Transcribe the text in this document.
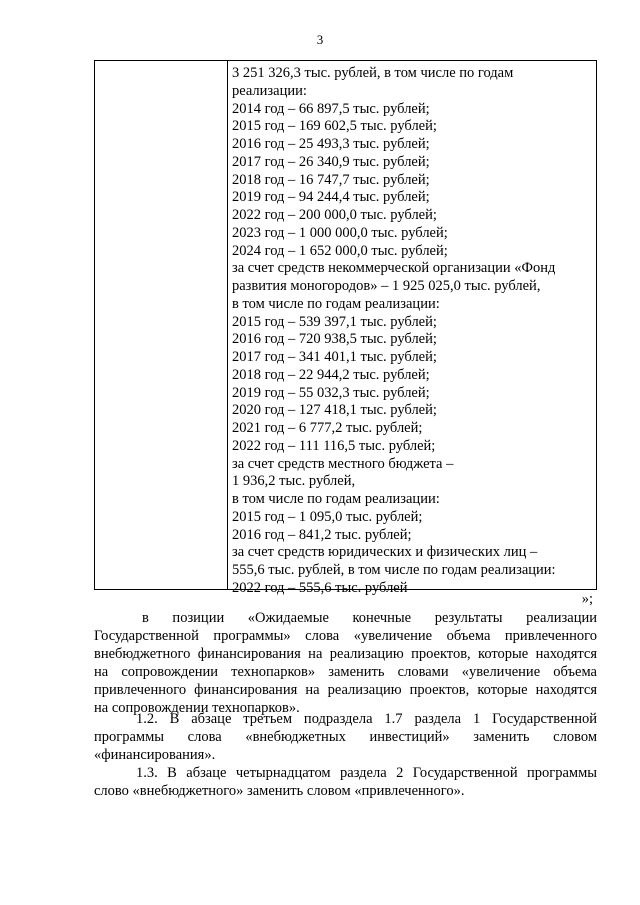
3
3 251 326,3 тыс. рублей, в том числе по годам
реализации:
2014 год – 66 897,5 тыс. рублей;
2015 год – 169 602,5 тыс. рублей;
2016 год – 25 493,3 тыс. рублей;
2017 год – 26 340,9 тыс. рублей;
2018 год – 16 747,7 тыс. рублей;
2019 год – 94 244,4 тыс. рублей;
2022 год – 200 000,0 тыс. рублей;
2023 год – 1 000 000,0 тыс. рублей;
2024 год – 1 652 000,0 тыс. рублей;
за счет средств некоммерческой организации «Фонд
развития моногородов» – 1 925 025,0 тыс. рублей,
в том числе по годам реализации:
2015 год – 539 397,1 тыс. рублей;
2016 год – 720 938,5 тыс. рублей;
2017 год – 341 401,1 тыс. рублей;
2018 год – 22 944,2 тыс. рублей;
2019 год – 55 032,3 тыс. рублей;
2020 год – 127 418,1 тыс. рублей;
2021 год – 6 777,2 тыс. рублей;
2022 год – 111 116,5 тыс. рублей;
за счет средств местного бюджета –
1 936,2 тыс. рублей,
в том числе по годам реализации:
2015 год – 1 095,0 тыс. рублей;
2016 год – 841,2 тыс. рублей;
за счет средств юридических и физических лиц –
555,6 тыс. рублей, в том числе по годам реализации:
2022 год – 555,6 тыс. рублей
»;
в позиции «Ожидаемые конечные результаты реализации
Государственной программы» слова «увеличение объема привлеченного
внебюджетного финансирования на реализацию проектов, которые находятся
на сопровождении технопарков» заменить словами «увеличение объема
привлеченного финансирования на реализацию проектов, которые находятся
на сопровождении технопарков».
1.2. В абзаце третьем подраздела 1.7 раздела 1 Государственной
программы слова «внебюджетных инвестиций» заменить словом
«финансирования».
1.3. В абзаце четырнадцатом раздела 2 Государственной программы
слово «внебюджетного» заменить словом «привлеченного».
